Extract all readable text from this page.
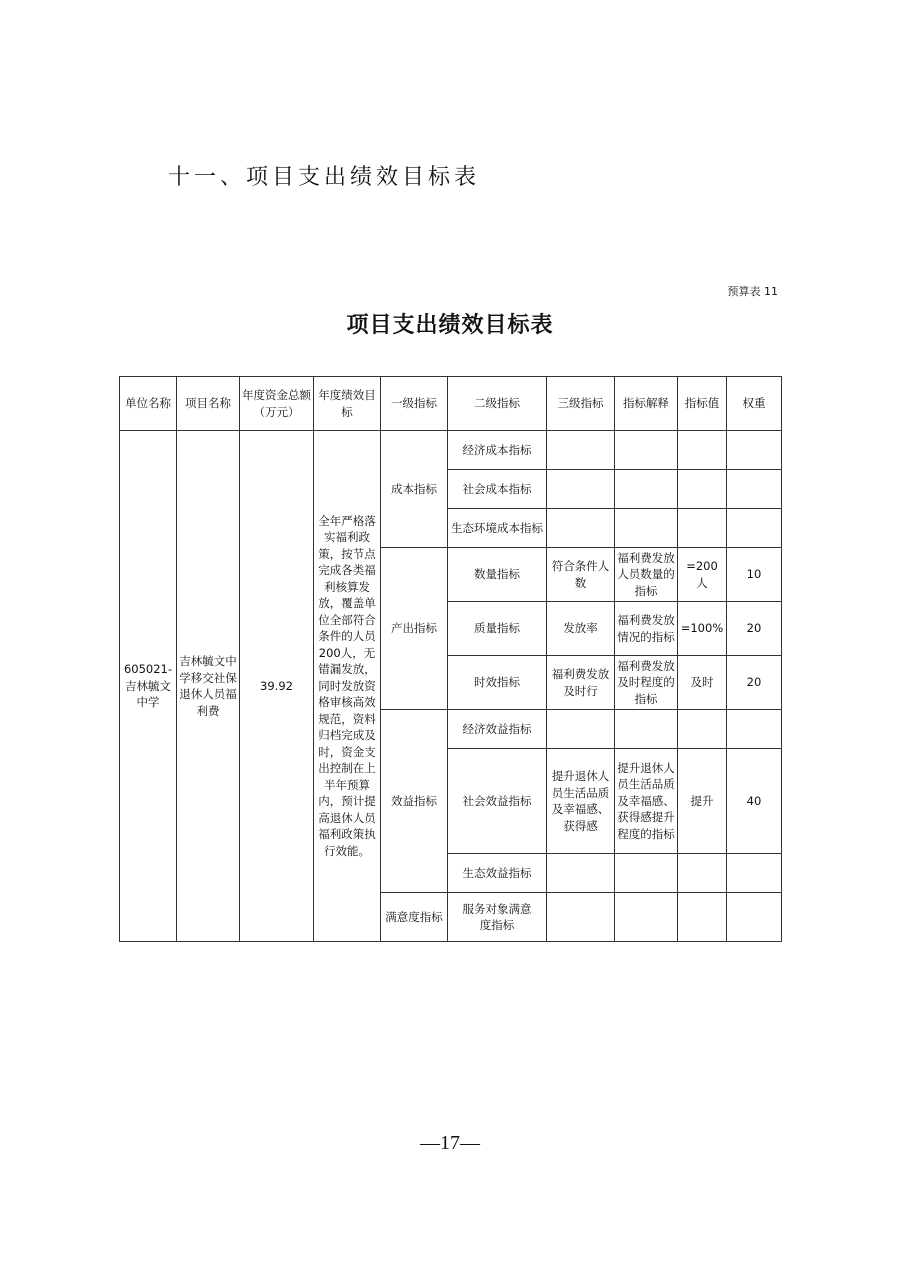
十一、项目支出绩效目标表
预算表 11
项目支出绩效目标表
单位名称	项目名称	年度资金总额（万元）	年度绩效目标	一级指标	二级指标	三级指标	指标解释	指标值	权重
605021-吉林毓文中学	吉林毓文中学移交社保退休人员福利费	39.92	全年严格落实福利政策，按节点完成各类福利核算发放，覆盖单位全部符合条件的人员200人，无错漏发放，同时发放资格审核高效规范，资料归档完成及时，资金支出控制在上半年预算内，预计提高退休人员福利政策执行效能。	成本指标	经济成本指标				
					社会成本指标				
					生态环境成本指标				
				产出指标	数量指标	符合条件人数	福利费发放人员数量的指标	=200 人	10
					质量指标	发放率	福利费发放情况的指标	=100%	20
					时效指标	福利费发放及时行	福利费发放及时程度的指标	及时	20
				效益指标	经济效益指标				
					社会效益指标	提升退休人员生活品质及幸福感、获得感	提升退休人员生活品质及幸福感、获得感提升程度的指标	提升	40
					生态效益指标				
				满意度指标	服务对象满意度指标				
—17—
